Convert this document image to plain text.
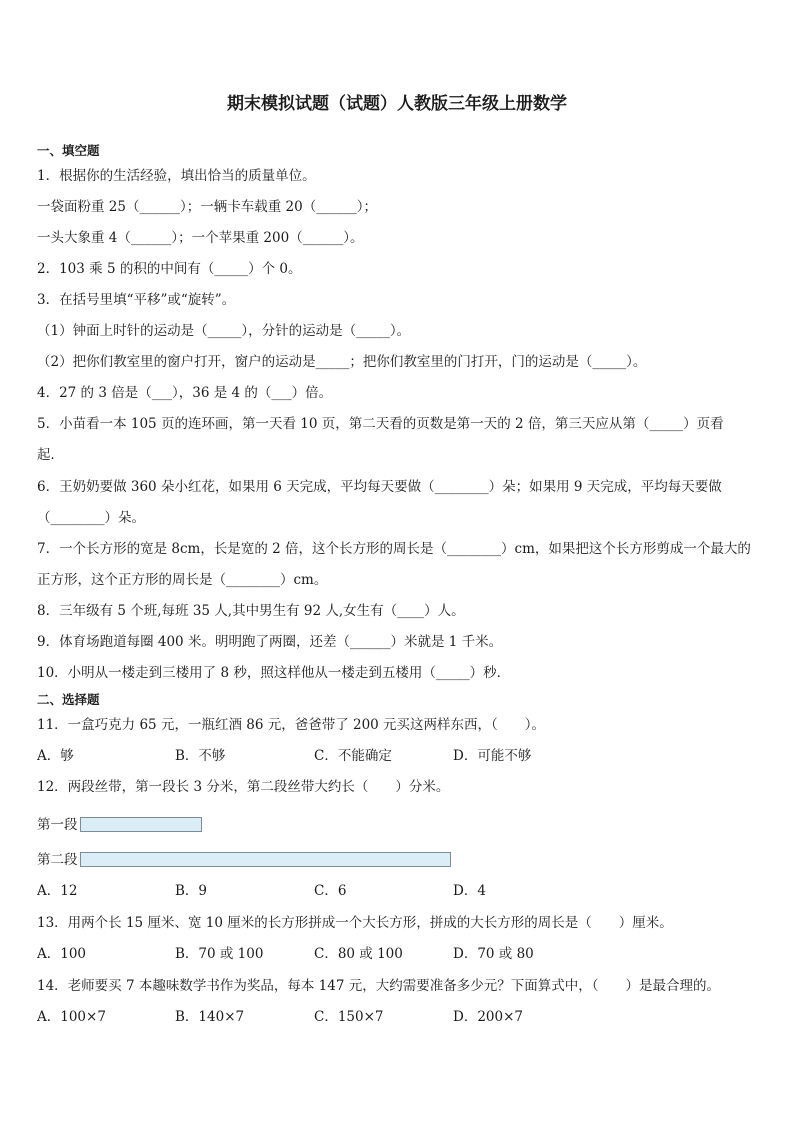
期末模拟试题（试题）人教版三年级上册数学
一、填空题
1．根据你的生活经验，填出恰当的质量单位。
一袋面粉重 25（______）；一辆卡车载重 20（______）；
一头大象重 4（______）；一个苹果重 200（______）。
2．103 乘 5 的积的中间有（_____）个 0。
3．在括号里填“平移”或“旋转”。
（1）钟面上时针的运动是（_____），分针的运动是（_____）。
（2）把你们教室里的窗户打开，窗户的运动是_____；把你们教室里的门打开，门的运动是（_____）。
4．27 的 3 倍是（___），36 是 4 的（___）倍。
5．小苗看一本 105 页的连环画，第一天看 10 页，第二天看的页数是第一天的 2 倍，第三天应从第（_____）页看
起．
6．王奶奶要做 360 朵小红花，如果用 6 天完成，平均每天要做（________）朵；如果用 9 天完成，平均每天要做
（________）朵。
7．一个长方形的宽是 8cm，长是宽的 2 倍，这个长方形的周长是（________）cm，如果把这个长方形剪成一个最大的
正方形，这个正方形的周长是（________）cm。
8．三年级有 5 个班,每班 35 人,其中男生有 92 人,女生有（____）人。
9．体育场跑道每圈 400 米。明明跑了两圈，还差（______）米就是 1 千米。
10．小明从一楼走到三楼用了 8 秒，照这样他从一楼走到五楼用（_____）秒．
二、选择题
11．一盒巧克力 65 元，一瓶红酒 86 元，爸爸带了 200 元买这两样东西，（　　）。
A．够	B．不够	C．不能确定	D．可能不够
12．两段丝带，第一段长 3 分米，第二段丝带大约长（　　）分米。
第一段
第二段
A．12	B．9	C．6	D．4
13．用两个长 15 厘米、宽 10 厘米的长方形拼成一个大长方形，拼成的大长方形的周长是（　　）厘米。
A．100	B．70 或 100	C．80 或 100	D．70 或 80
14．老师要买 7 本趣味数学书作为奖品，每本 147 元，大约需要准备多少元？下面算式中，（　　）是最合理的。
A．100×7	B．140×7	C．150×7	D．200×7
